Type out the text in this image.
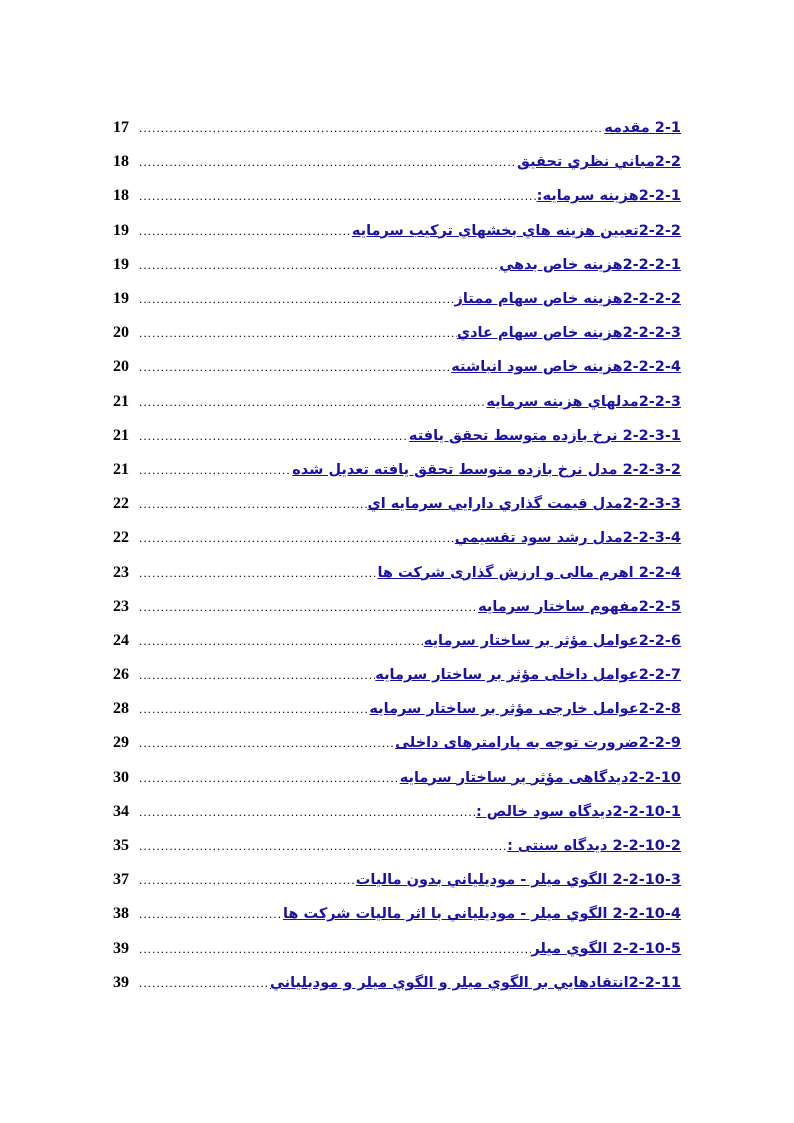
17 .....	2-1 مقدمه
18 .....	2-2مباني نظري تحقيق
18 .....	2-2-1هزينه سرمايه:
19 .....	2-2-2تعيين هزينه هاي بخشهاي تركيب سرمايه
19 .....	2-2-2-1هزينه خاص بدهي
19 .....	2-2-2-2هزينه خاص سهام ممتاز
20 .....	2-2-2-3هزينه خاص سهام عادي
20 .....	2-2-2-4هزينه خاص سود انباشته
21 .....	2-2-3مدلهاي هزينه سرمايه
21 .....	2-2-3-1 نرخ بازده متوسط تحقق يافته
21 .....	2-2-3-2 مدل نرخ بازده متوسط تحقق يافته تعديل شده
22 .....	2-2-3-3مدل قيمت گذاري دارايي سرمايه اي
22 .....	2-2-3-4مدل رشد سود تقسيمي
23 .....	2-2-4 اهرم مالی و ارزش گذاری شرکت ها
23 .....	2-2-5مفهوم ساختار سرمايه
24 .....	2-2-6عوامل مؤثر بر ساختار سرمايه
26 .....	2-2-7عوامل داخلی مؤثر بر ساختار سرمايه
28 .....	2-2-8عوامل خارجی مؤثر بر ساختار سرمايه
29 .....	2-2-9ضرورت توجه به پارامترهای داخلی
30 .....	2-2-10دیدگاهی مؤثر بر ساختار سرمايه
34 .....	2-2-10-1دیدگاه سود خالص :
35 .....	2-2-10-2 دیدگاه سنتی :
37 .....	2-2-10-3 الگوي ميلر - موديلياني بدون ماليات
38 .....	2-2-10-4 الگوي ميلر - موديلياني با اثر ماليات شركت ها
39 .....	2-2-10-5 الگوي ميلر
39 .....	2-2-11انتقادهايي بر الگوي ميلر و الگوي ميلر و موديلياني
